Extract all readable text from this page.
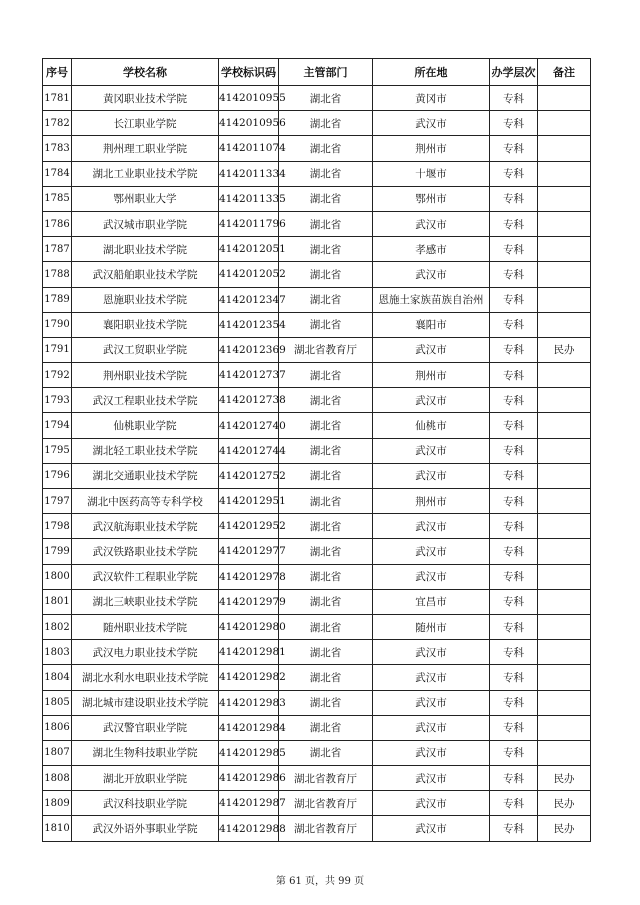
序号	学校名称	学校标识码	主管部门	所在地	办学层次	备注
1781	黄冈职业技术学院	4142010955	湖北省	黄冈市	专科	
1782	长江职业学院	4142010956	湖北省	武汉市	专科	
1783	荆州理工职业学院	4142011074	湖北省	荆州市	专科	
1784	湖北工业职业技术学院	4142011334	湖北省	十堰市	专科	
1785	鄂州职业大学	4142011335	湖北省	鄂州市	专科	
1786	武汉城市职业学院	4142011796	湖北省	武汉市	专科	
1787	湖北职业技术学院	4142012051	湖北省	孝感市	专科	
1788	武汉船舶职业技术学院	4142012052	湖北省	武汉市	专科	
1789	恩施职业技术学院	4142012347	湖北省	恩施土家族苗族自治州	专科	
1790	襄阳职业技术学院	4142012354	湖北省	襄阳市	专科	
1791	武汉工贸职业学院	4142012369	湖北省教育厅	武汉市	专科	民办
1792	荆州职业技术学院	4142012737	湖北省	荆州市	专科	
1793	武汉工程职业技术学院	4142012738	湖北省	武汉市	专科	
1794	仙桃职业学院	4142012740	湖北省	仙桃市	专科	
1795	湖北轻工职业技术学院	4142012744	湖北省	武汉市	专科	
1796	湖北交通职业技术学院	4142012752	湖北省	武汉市	专科	
1797	湖北中医药高等专科学校	4142012951	湖北省	荆州市	专科	
1798	武汉航海职业技术学院	4142012952	湖北省	武汉市	专科	
1799	武汉铁路职业技术学院	4142012977	湖北省	武汉市	专科	
1800	武汉软件工程职业学院	4142012978	湖北省	武汉市	专科	
1801	湖北三峡职业技术学院	4142012979	湖北省	宜昌市	专科	
1802	随州职业技术学院	4142012980	湖北省	随州市	专科	
1803	武汉电力职业技术学院	4142012981	湖北省	武汉市	专科	
1804	湖北水利水电职业技术学院	4142012982	湖北省	武汉市	专科	
1805	湖北城市建设职业技术学院	4142012983	湖北省	武汉市	专科	
1806	武汉警官职业学院	4142012984	湖北省	武汉市	专科	
1807	湖北生物科技职业学院	4142012985	湖北省	武汉市	专科	
1808	湖北开放职业学院	4142012986	湖北省教育厅	武汉市	专科	民办
1809	武汉科技职业学院	4142012987	湖北省教育厅	武汉市	专科	民办
1810	武汉外语外事职业学院	4142012988	湖北省教育厅	武汉市	专科	民办
第 61 页，共 99 页
